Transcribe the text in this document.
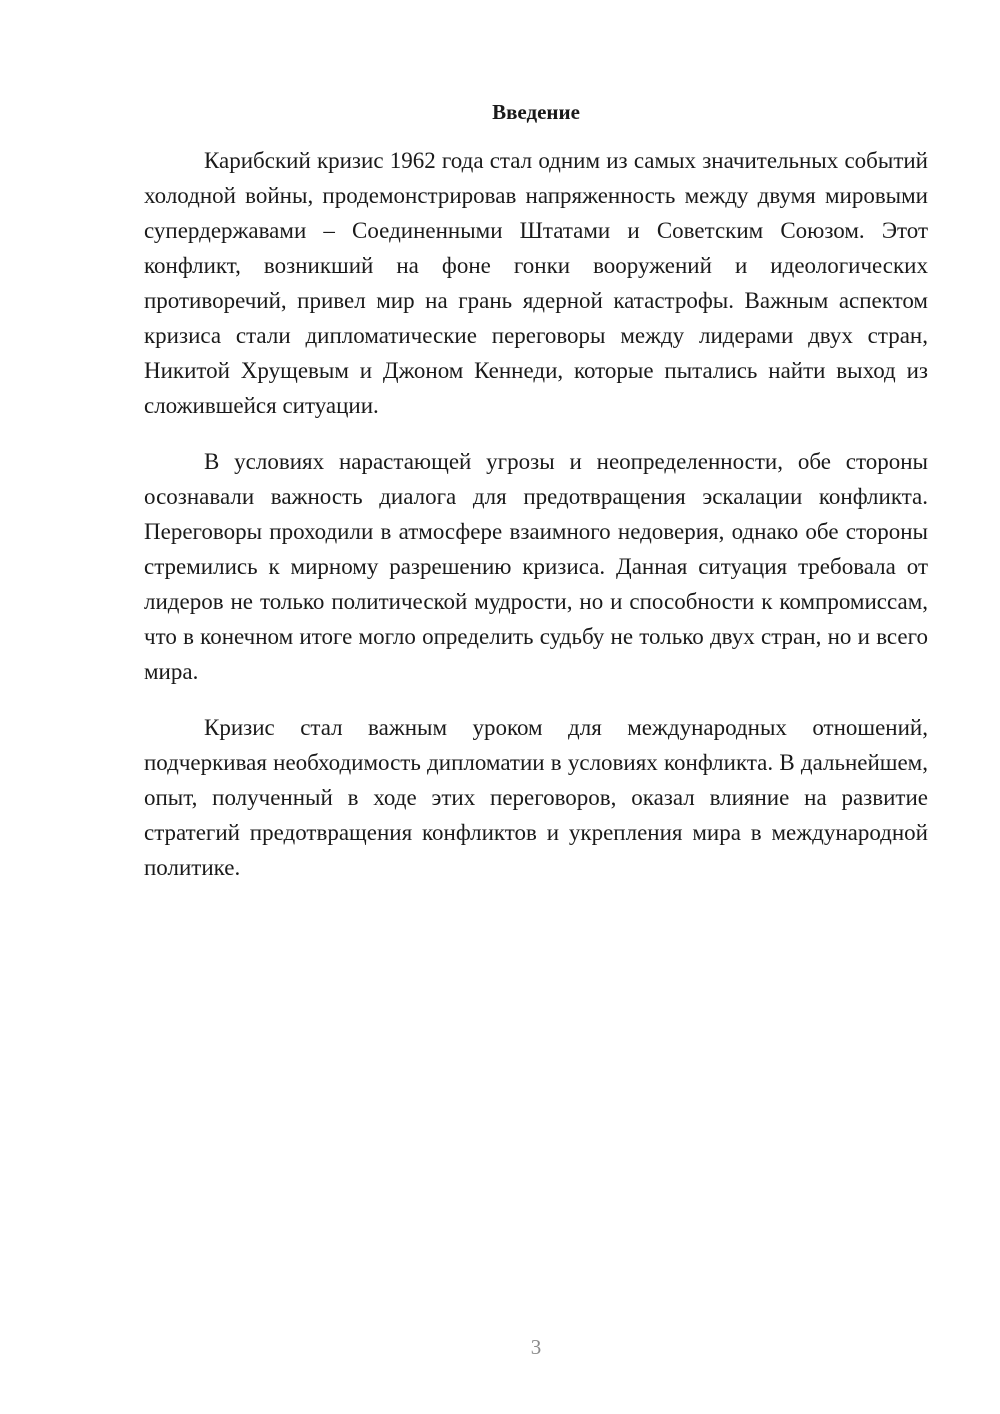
Введение

Карибский кризис 1962 года стал одним из самых значительных событий холодной войны, продемонстрировав напряженность между двумя мировыми супердержавами – Соединенными Штатами и Советским Союзом. Этот конфликт, возникший на фоне гонки вооружений и идеологических противоречий, привел мир на грань ядерной катастрофы. Важным аспектом кризиса стали дипломатические переговоры между лидерами двух стран, Никитой Хрущевым и Джоном Кеннеди, которые пытались найти выход из сложившейся ситуации.

В условиях нарастающей угрозы и неопределенности, обе стороны осознавали важность диалога для предотвращения эскалации конфликта. Переговоры проходили в атмосфере взаимного недоверия, однако обе стороны стремились к мирному разрешению кризиса. Данная ситуация требовала от лидеров не только политической мудрости, но и способности к компромиссам, что в конечном итоге могло определить судьбу не только двух стран, но и всего мира.

Кризис стал важным уроком для международных отношений, подчеркивая необходимость дипломатии в условиях конфликта. В дальнейшем, опыт, полученный в ходе этих переговоров, оказал влияние на развитие стратегий предотвращения конфликтов и укрепления мира в международной политике.

3
